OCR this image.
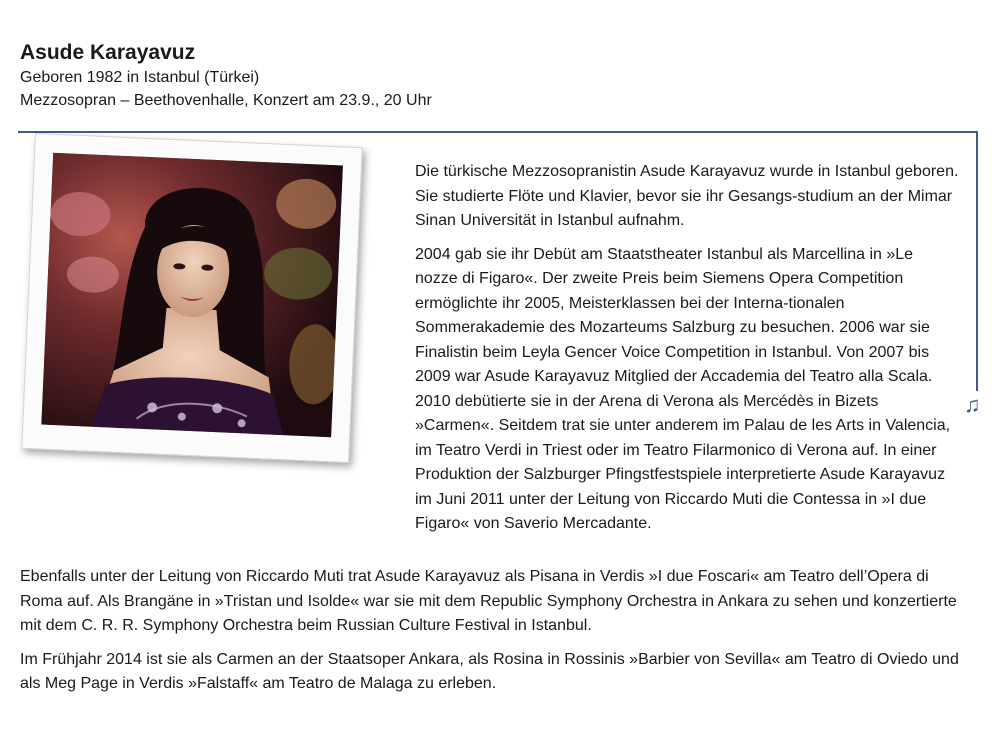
Asude Karayavuz

Geboren 1982 in Istanbul (Türkei)

Mezzosopran – Beethovenhalle, Konzert am 23.9., 20 Uhr

♫

Die türkische Mezzosopranistin Asude Karayavuz wurde in Istanbul geboren. Sie studierte Flöte und Klavier, bevor sie ihr Gesangs-studium an der Mimar Sinan Universität in Istanbul aufnahm.

2004 gab sie ihr Debüt am Staatstheater Istanbul als Marcellina in »Le nozze di Figaro«. Der zweite Preis beim Siemens Opera Competition ermöglichte ihr 2005, Meisterklassen bei der Interna-tionalen Sommerakademie des Mozarteums Salzburg zu besuchen. 2006 war sie Finalistin beim Leyla Gencer Voice Competition in Istanbul. Von 2007 bis 2009 war Asude Karayavuz Mitglied der Accademia del Teatro alla Scala. 2010 debütierte sie in der Arena di Verona als Mercédès in Bizets »Carmen«. Seitdem trat sie unter anderem im Palau de les Arts in Valencia, im Teatro Verdi in Triest oder im Teatro Filarmonico di Verona auf. In einer Produktion der Salzburger Pfingstfestspiele interpretierte Asude Karayavuz im Juni 2011 unter der Leitung von Riccardo Muti die Contessa in »I due Figaro« von Saverio Mercadante.

Ebenfalls unter der Leitung von Riccardo Muti trat Asude Karayavuz als Pisana in Verdis »I due Foscari« am Teatro dell’Opera di Roma auf. Als Brangäne in »Tristan und Isolde« war sie mit dem Republic Symphony Orchestra in Ankara zu sehen und konzertierte mit dem C. R. R. Symphony Orchestra beim Russian Culture Festival in Istanbul.

Im Frühjahr 2014 ist sie als Carmen an der Staatsoper Ankara, als Rosina in Rossinis »Barbier von Sevilla« am Teatro di Oviedo und als Meg Page in Verdis »Falstaff« am Teatro de Malaga zu erleben.
